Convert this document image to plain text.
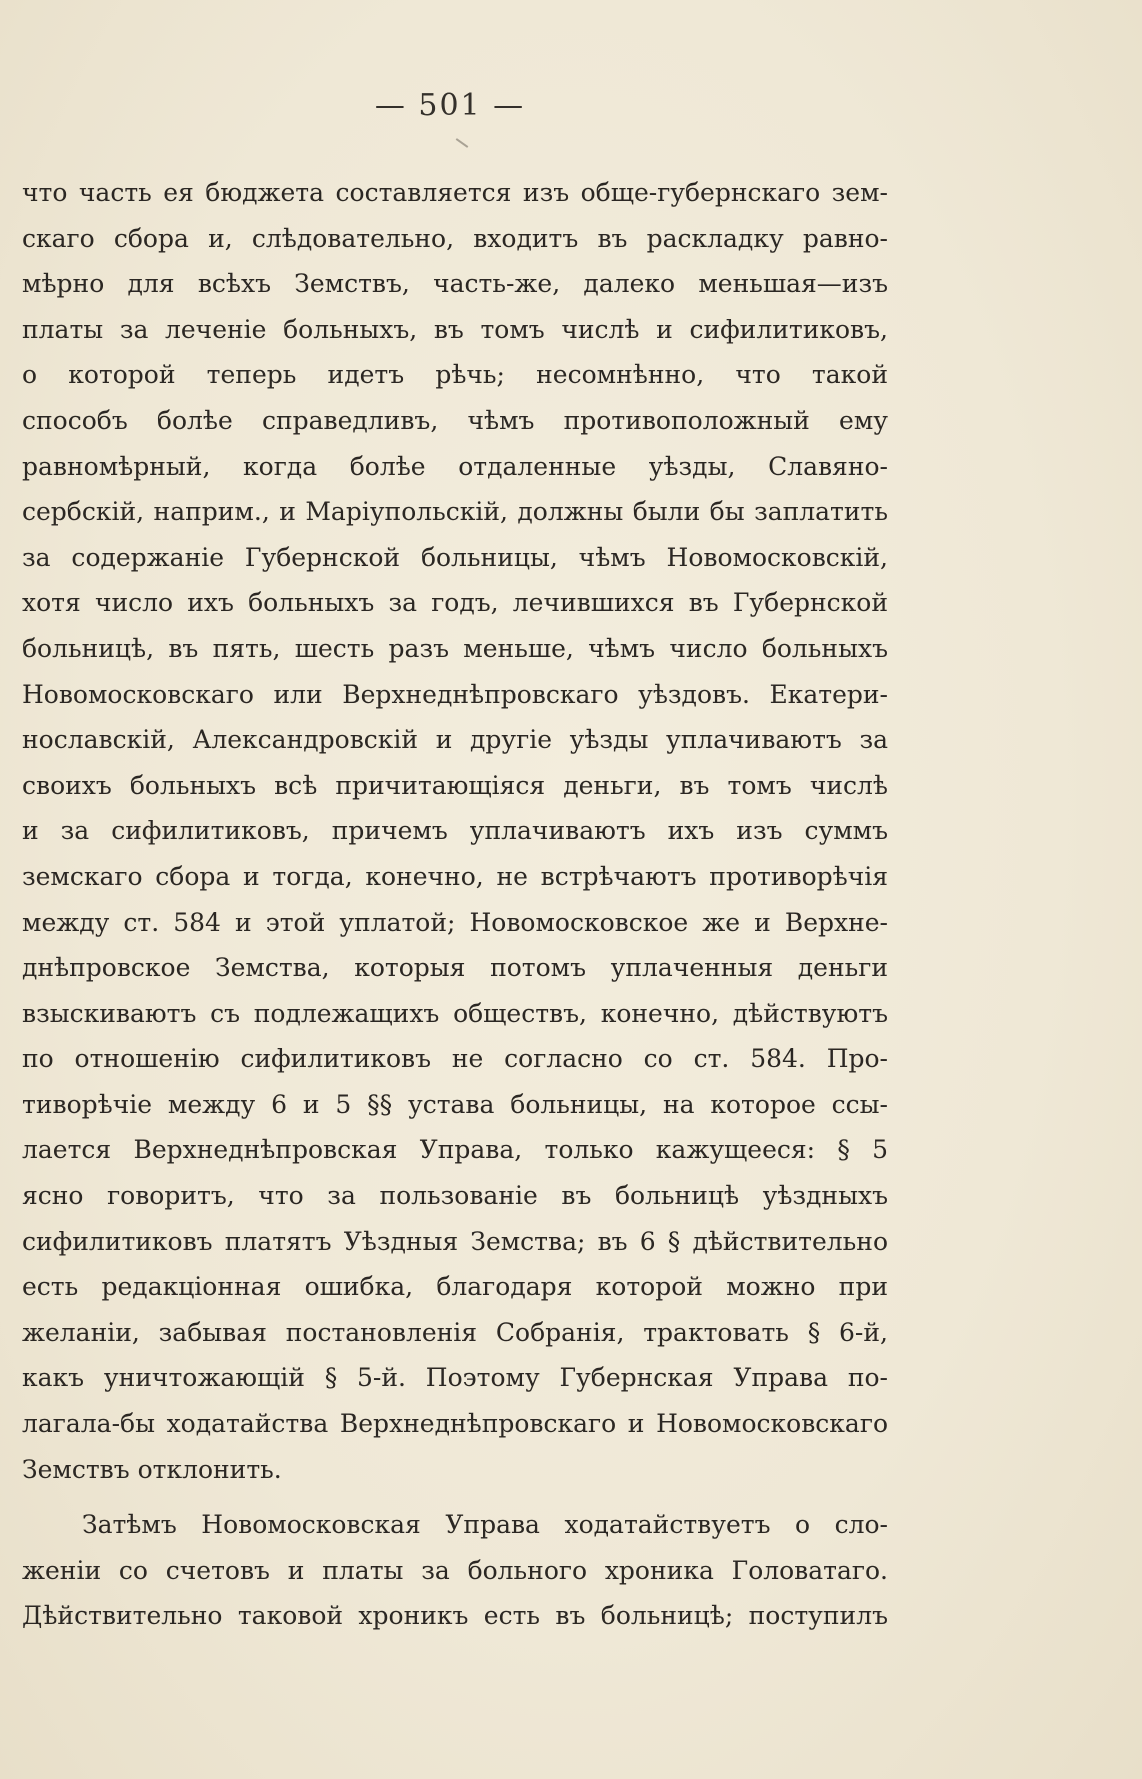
— 501 —
что часть ея бюджета составляется изъ обще-губернскаго зем-
скаго сбора и, слѣдовательно, входитъ въ раскладку равно-
мѣрно для всѣхъ Земствъ, часть-же, далеко меньшая—изъ
платы за леченіе больныхъ, въ томъ числѣ и сифилитиковъ,
о которой теперь идетъ рѣчь; несомнѣнно, что такой
способъ болѣе справедливъ, чѣмъ противоположный ему
равномѣрный, когда болѣе отдаленные уѣзды, Славяно-
сербскій, наприм., и Маріупольскій, должны были бы заплатить
за содержаніе Губернской больницы, чѣмъ Новомосковскій,
хотя число ихъ больныхъ за годъ, лечившихся въ Губернской
больницѣ, въ пять, шесть разъ меньше, чѣмъ число больныхъ
Новомосковскаго или Верхнеднѣпровскаго уѣздовъ. Екатери-
нославскій, Александровскій и другіе уѣзды уплачиваютъ за
своихъ больныхъ всѣ причитающіяся деньги, въ томъ числѣ
и за сифилитиковъ, причемъ уплачиваютъ ихъ изъ суммъ
земскаго сбора и тогда, конечно, не встрѣчаютъ противорѣчія
между ст. 584 и этой уплатой; Новомосковское же и Верхне-
днѣпровское Земства, которыя потомъ уплаченныя деньги
взыскиваютъ съ подлежащихъ обществъ, конечно, дѣйствуютъ
по отношенію сифилитиковъ не согласно со ст. 584. Про-
тиворѣчіе между 6 и 5 §§ устава больницы, на которое ссы-
лается Верхнеднѣпровская Управа, только кажущееся: § 5
ясно говоритъ, что за пользованіе въ больницѣ уѣздныхъ
сифилитиковъ платятъ Уѣздныя Земства; въ 6 § дѣйствительно
есть редакціонная ошибка, благодаря которой можно при
желаніи, забывая постановленія Собранія, трактовать § 6-й,
какъ уничтожающій § 5-й. Поэтому Губернская Управа по-
лагала-бы ходатайства Верхнеднѣпровскаго и Новомосковскаго
Земствъ отклонить.
Затѣмъ Новомосковская Управа ходатайствуетъ о сло-
женіи со счетовъ и платы за больного хроника Головатаго.
Дѣйствительно таковой хроникъ есть въ больницѣ; поступилъ
